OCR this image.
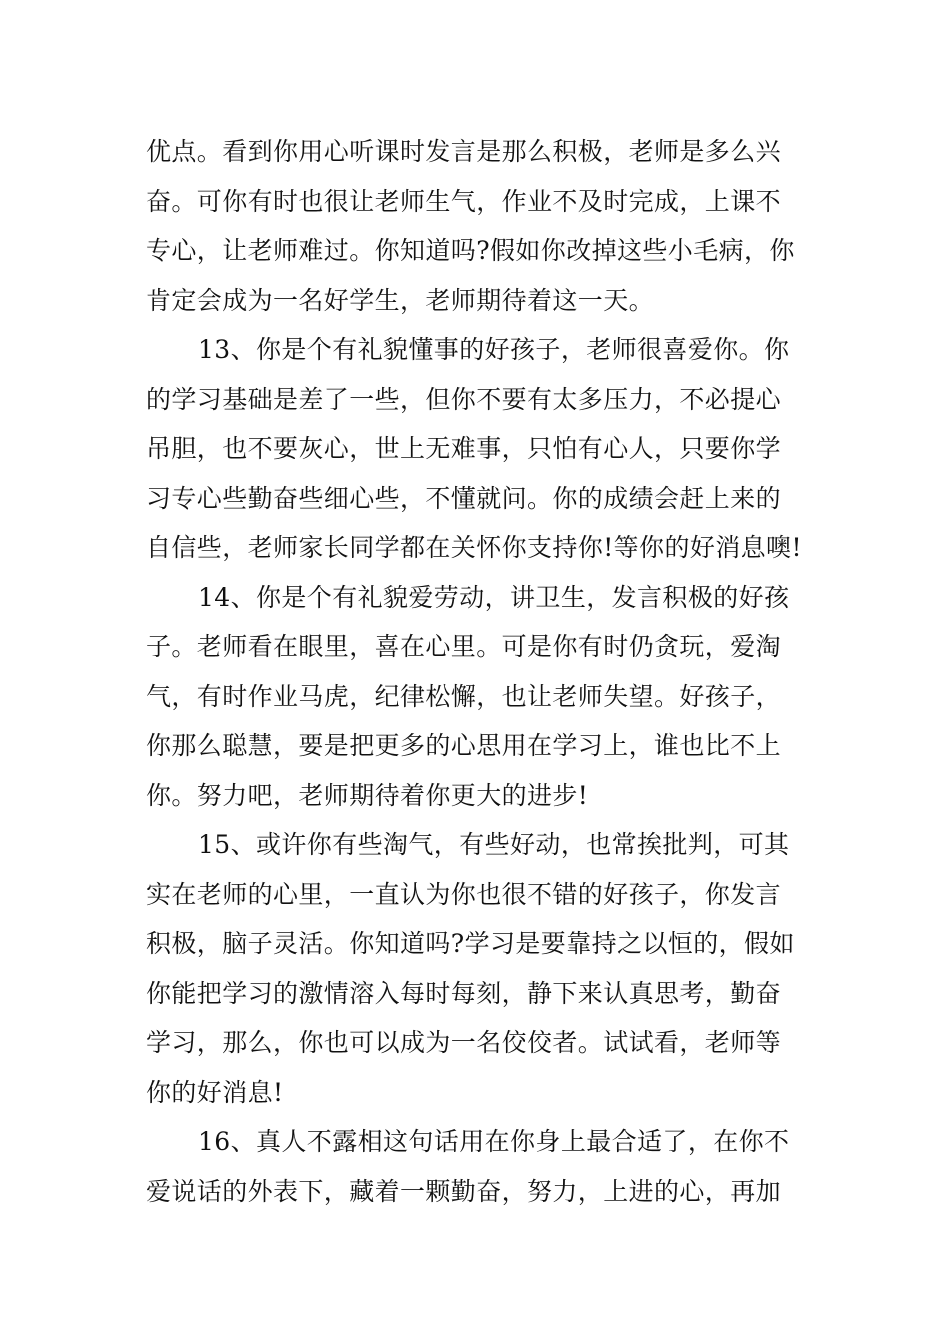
优点。看到你用心听课时发言是那么积极，老师是多么兴
奋。可你有时也很让老师生气，作业不及时完成，上课不
专心，让老师难过。你知道吗?假如你改掉这些小毛病，你
肯定会成为一名好学生，老师期待着这一天。
13、你是个有礼貌懂事的好孩子，老师很喜爱你。你
的学习基础是差了一些，但你不要有太多压力，不必提心
吊胆，也不要灰心，世上无难事，只怕有心人，只要你学
习专心些勤奋些细心些，不懂就问。你的成绩会赶上来的
自信些，老师家长同学都在关怀你支持你!等你的好消息噢!
14、你是个有礼貌爱劳动，讲卫生，发言积极的好孩
子。老师看在眼里，喜在心里。可是你有时仍贪玩，爱淘
气，有时作业马虎，纪律松懈，也让老师失望。好孩子，
你那么聪慧，要是把更多的心思用在学习上，谁也比不上
你。努力吧，老师期待着你更大的进步!
15、或许你有些淘气，有些好动，也常挨批判，可其
实在老师的心里，一直认为你也很不错的好孩子，你发言
积极，脑子灵活。你知道吗?学习是要靠持之以恒的，假如
你能把学习的激情溶入每时每刻，静下来认真思考，勤奋
学习，那么，你也可以成为一名佼佼者。试试看，老师等
你的好消息!
16、真人不露相这句话用在你身上最合适了，在你不
爱说话的外表下，藏着一颗勤奋，努力，上进的心，再加
